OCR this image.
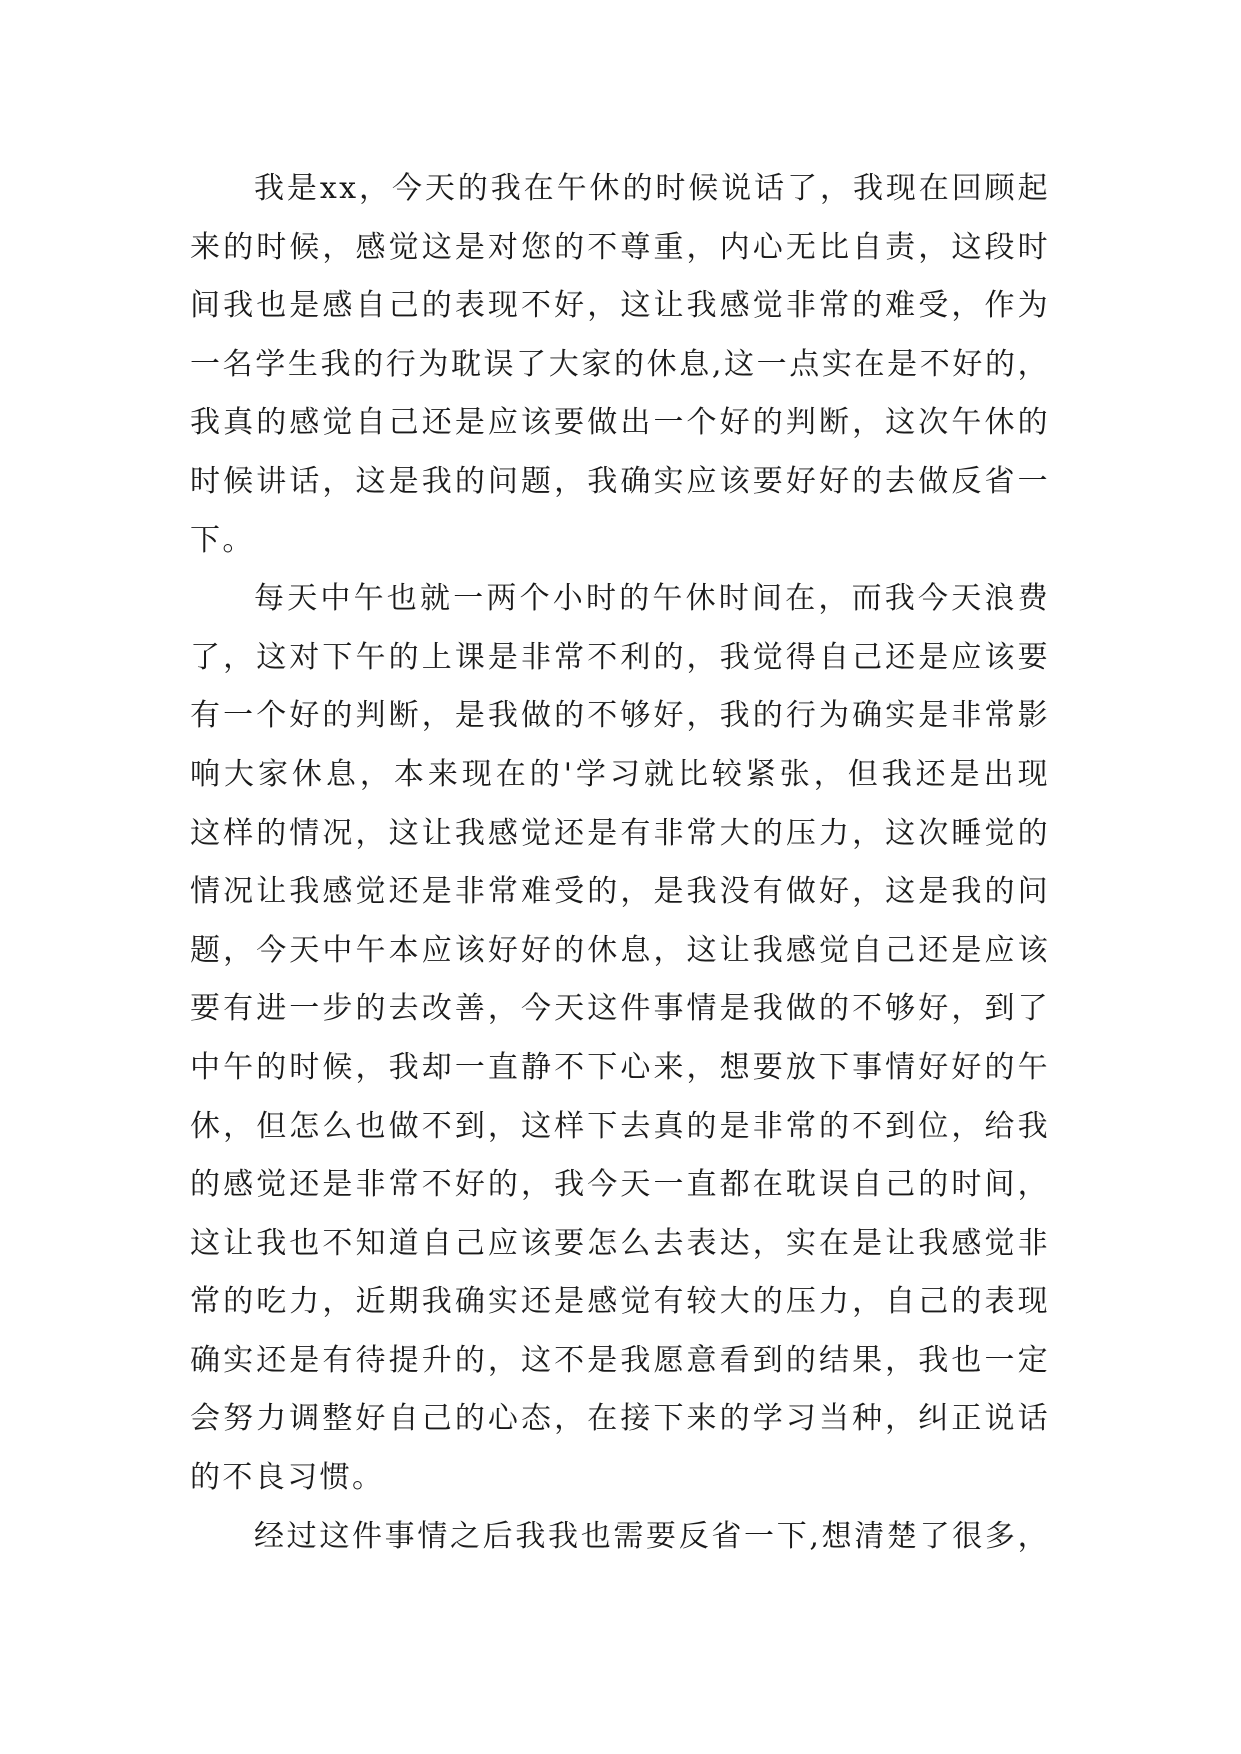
我是xx，今天的我在午休的时候说话了，我现在回顾起
来的时候，感觉这是对您的不尊重，内心无比自责，这段时
间我也是感自己的表现不好，这让我感觉非常的难受，作为
一名学生我的行为耽误了大家的休息,这一点实在是不好的，
我真的感觉自己还是应该要做出一个好的判断，这次午休的
时候讲话，这是我的问题，我确实应该要好好的去做反省一
下。
每天中午也就一两个小时的午休时间在，而我今天浪费
了，这对下午的上课是非常不利的，我觉得自己还是应该要
有一个好的判断，是我做的不够好，我的行为确实是非常影
响大家休息，本来现在的'学习就比较紧张，但我还是出现
这样的情况，这让我感觉还是有非常大的压力，这次睡觉的
情况让我感觉还是非常难受的，是我没有做好，这是我的问
题，今天中午本应该好好的休息，这让我感觉自己还是应该
要有进一步的去改善，今天这件事情是我做的不够好，到了
中午的时候，我却一直静不下心来，想要放下事情好好的午
休，但怎么也做不到，这样下去真的是非常的不到位，给我
的感觉还是非常不好的，我今天一直都在耽误自己的时间，
这让我也不知道自己应该要怎么去表达，实在是让我感觉非
常的吃力，近期我确实还是感觉有较大的压力，自己的表现
确实还是有待提升的，这不是我愿意看到的结果，我也一定
会努力调整好自己的心态，在接下来的学习当种，纠正说话
的不良习惯。
经过这件事情之后我我也需要反省一下,想清楚了很多，
